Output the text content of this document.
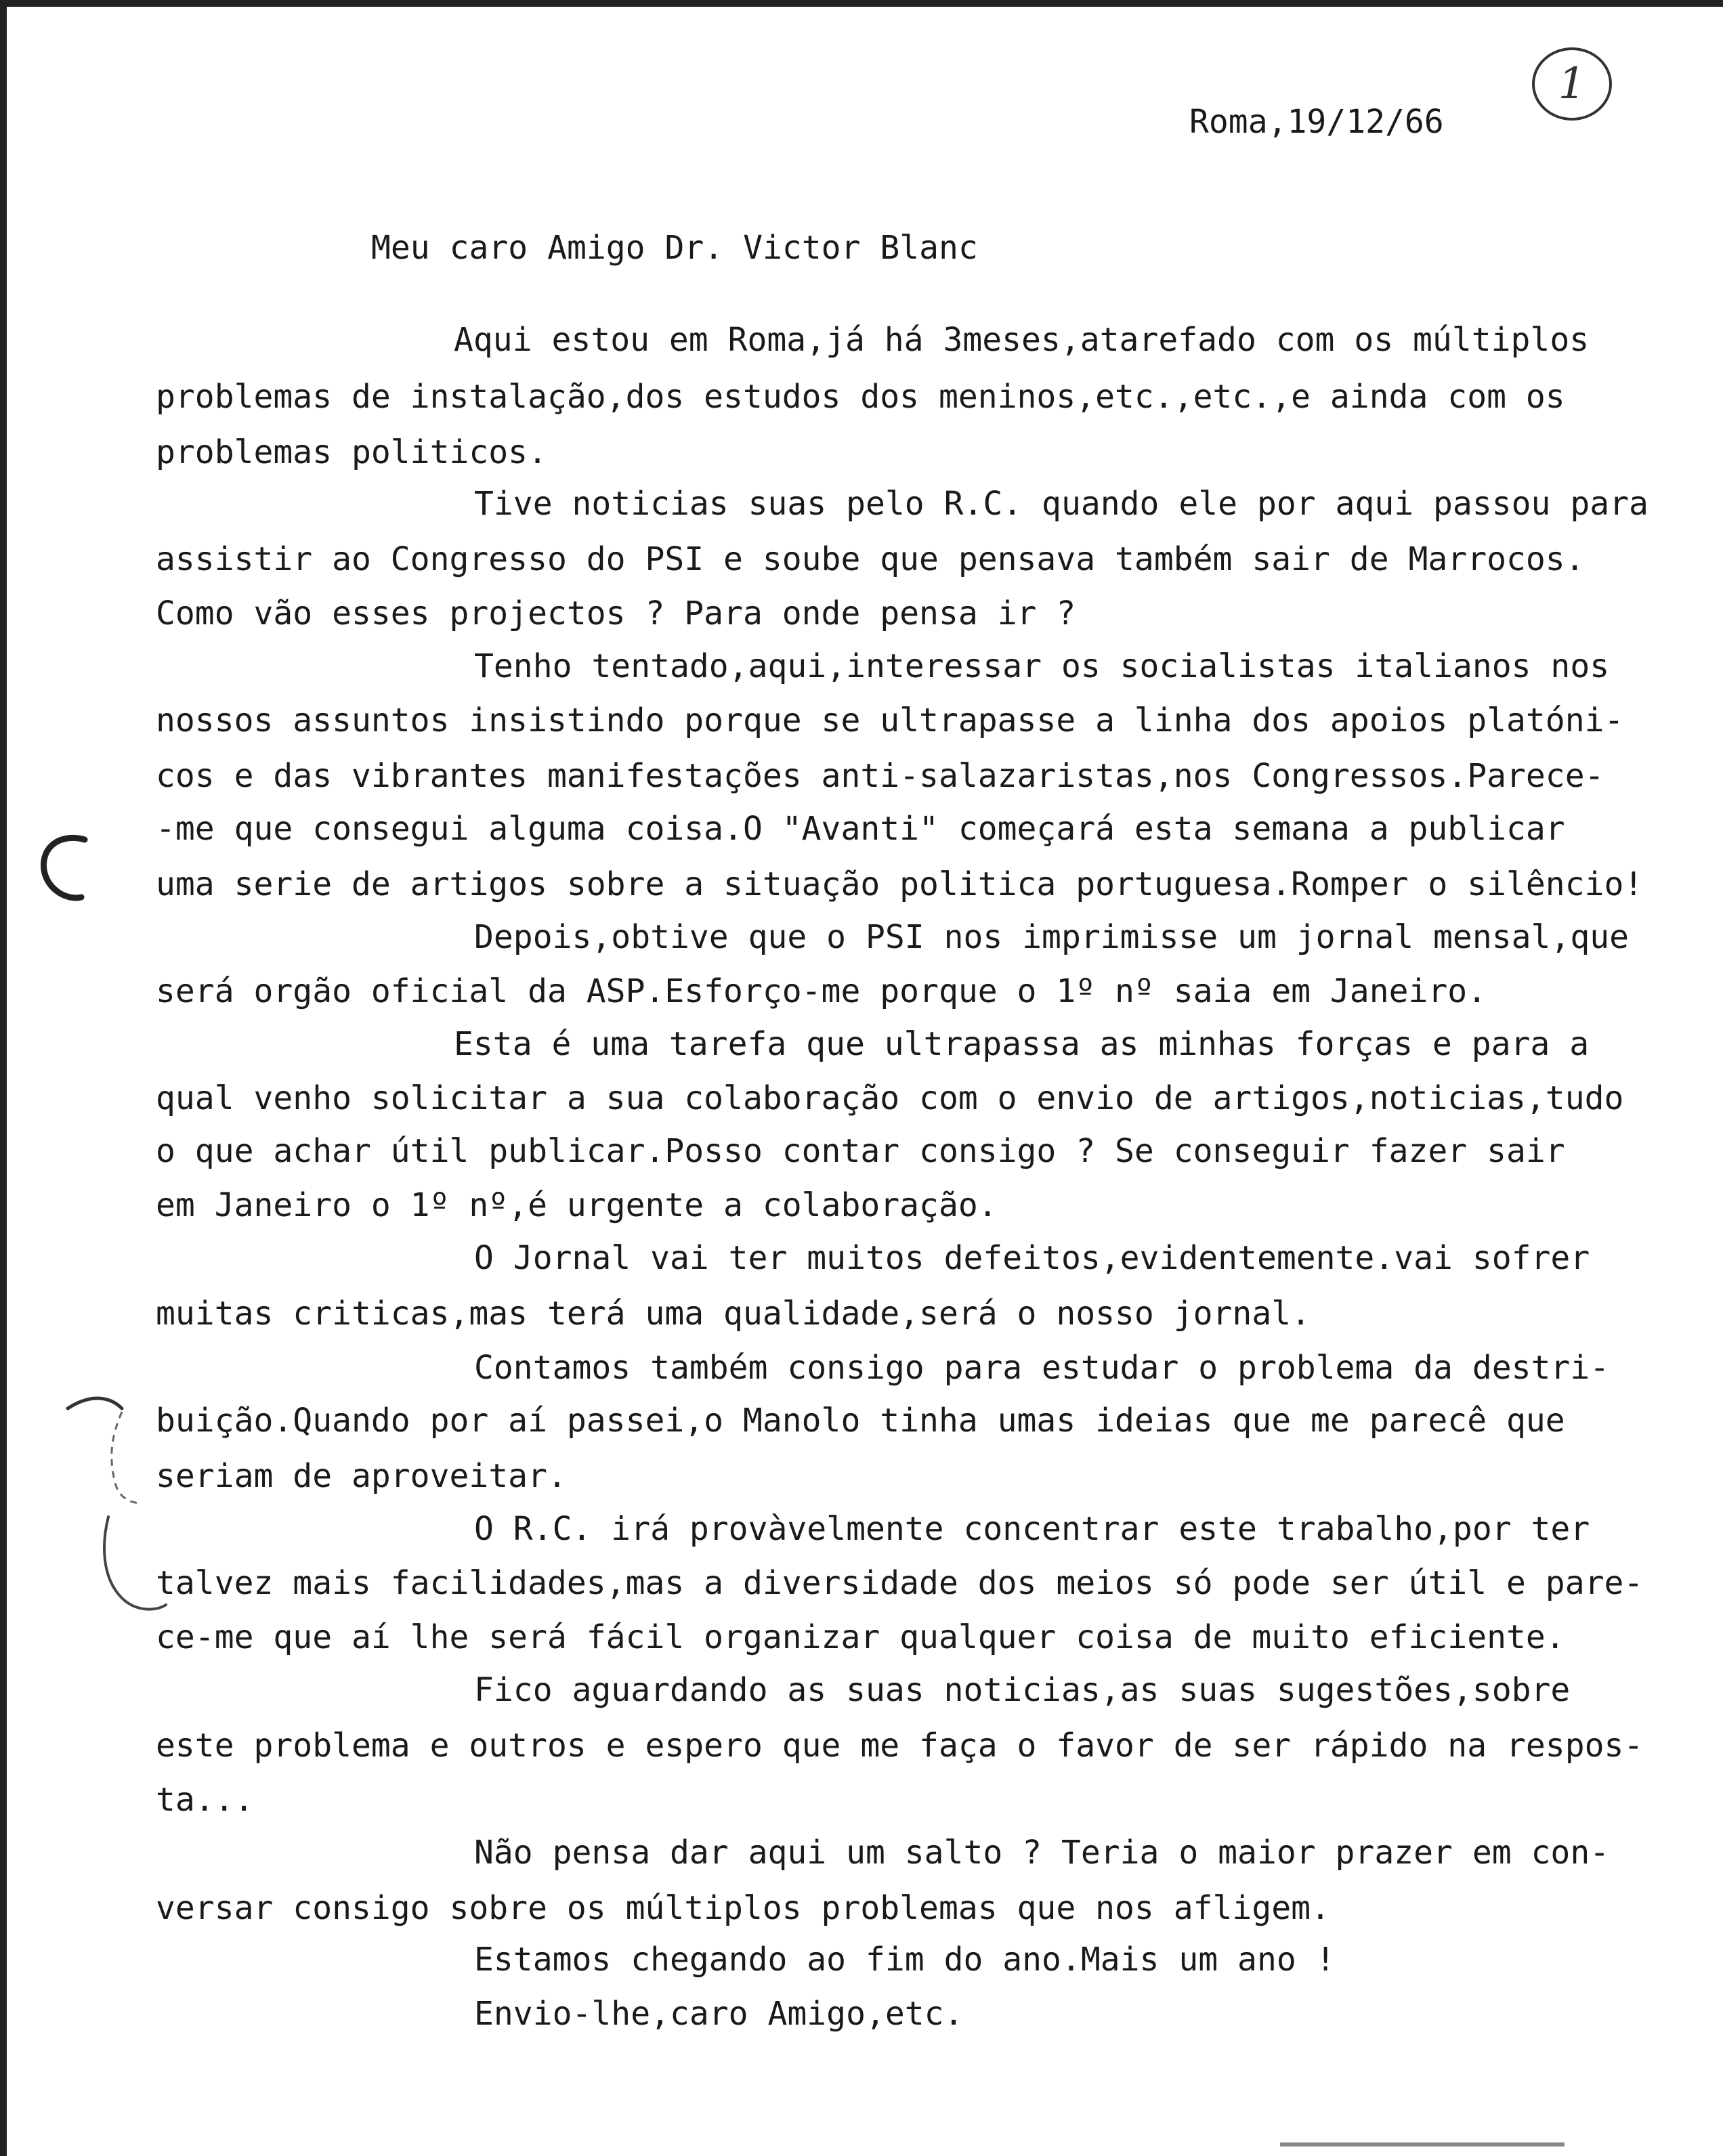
1
Roma,19/12/66
Meu caro Amigo Dr. Victor Blanc
Aqui estou em Roma,já há 3meses,atarefado com os múltiplos
problemas de instalação,dos estudos dos meninos,etc.,etc.,e ainda com os
problemas politicos.
Tive noticias suas pelo R.C. quando ele por aqui passou para
assistir ao Congresso do PSI e soube que pensava também sair de Marrocos.
Como vão esses projectos ? Para onde pensa ir ?
Tenho tentado,aqui,interessar os socialistas italianos nos
nossos assuntos insistindo porque se ultrapasse a linha dos apoios platóni-
cos e das vibrantes manifestações anti-salazaristas,nos Congressos.Parece-
-me que consegui alguma coisa.O "Avanti" começará esta semana a publicar
uma serie de artigos sobre a situação politica portuguesa.Romper o silêncio!
Depois,obtive que o PSI nos imprimisse um jornal mensal,que
será orgão oficial da ASP.Esforço-me porque o 1º nº saia em Janeiro.
Esta é uma tarefa que ultrapassa as minhas forças e para a
qual venho solicitar a sua colaboração com o envio de artigos,noticias,tudo
o que achar útil publicar.Posso contar consigo ? Se conseguir fazer sair
em Janeiro o 1º nº,é urgente a colaboração.
O Jornal vai ter muitos defeitos,evidentemente.vai sofrer
muitas criticas,mas terá uma qualidade,será o nosso jornal.
Contamos também consigo para estudar o problema da destri-
buição.Quando por aí passei,o Manolo tinha umas ideias que me parecê que
seriam de aproveitar.
O R.C. irá provàvelmente concentrar este trabalho,por ter
talvez mais facilidades,mas a diversidade dos meios só pode ser útil e pare-
ce-me que aí lhe será fácil organizar qualquer coisa de muito eficiente.
Fico aguardando as suas noticias,as suas sugestões,sobre
este problema e outros e espero que me faça o favor de ser rápido na respos-
ta...
Não pensa dar aqui um salto ? Teria o maior prazer em con-
versar consigo sobre os múltiplos problemas que nos afligem.
Estamos chegando ao fim do ano.Mais um ano !
Envio-lhe,caro Amigo,etc.
